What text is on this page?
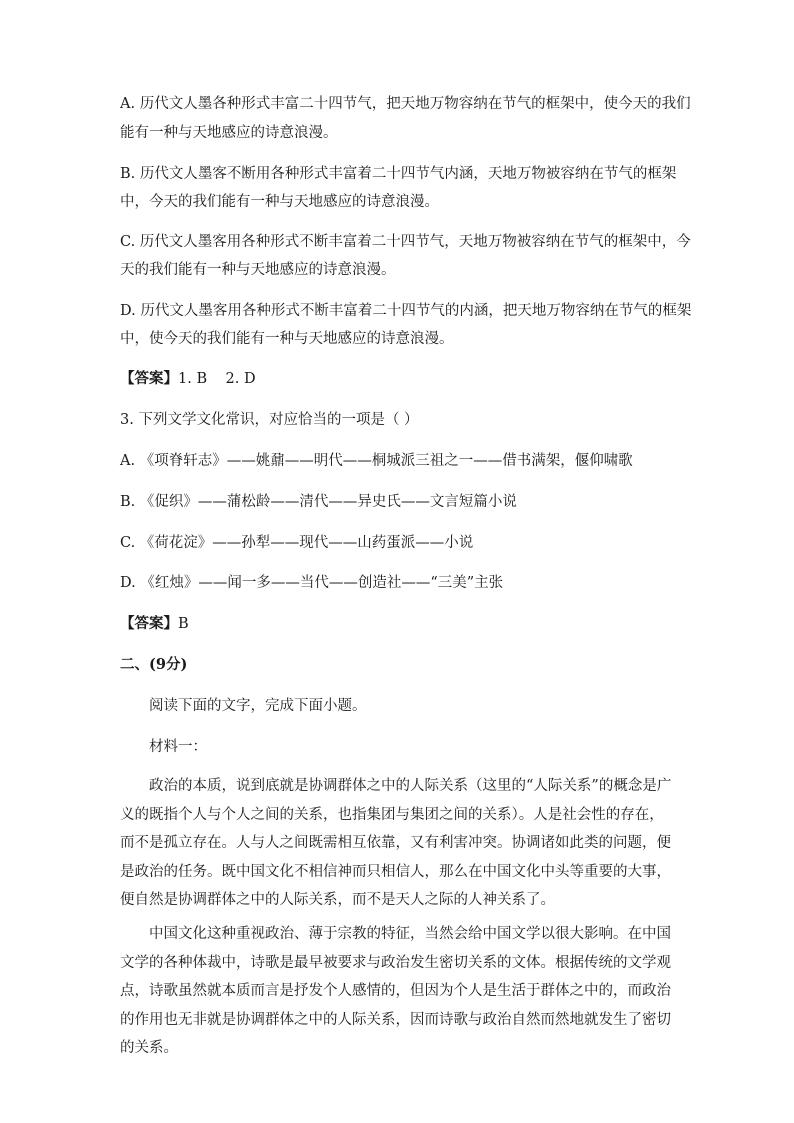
A. 历代文人墨各种形式丰富二十四节气，把天地万物容纳在节气的框架中，使今天的我们
能有一种与天地感应的诗意浪漫。
B. 历代文人墨客不断用各种形式丰富着二十四节气内涵，天地万物被容纳在节气的框架
中，今天的我们能有一种与天地感应的诗意浪漫。
C. 历代文人墨客用各种形式不断丰富着二十四节气，天地万物被容纳在节气的框架中，今
天的我们能有一种与天地感应的诗意浪漫。
D. 历代文人墨客用各种形式不断丰富着二十四节气的内涵，把天地万物容纳在节气的框架
中，使今天的我们能有一种与天地感应的诗意浪漫。
【答案】1. B    2. D
3. 下列文学文化常识，对应恰当的一项是（ ）
A. 《项脊轩志》——姚鼐——明代——桐城派三祖之一——借书满架，偃仰啸歌
B. 《促织》——蒲松龄——清代——异史氏——文言短篇小说
C. 《荷花淀》——孙犁——现代——山药蛋派——小说
D. 《红烛》——闻一多——当代——创造社——“三美”主张
【答案】B
二、(9分)
阅读下面的文字，完成下面小题。
材料一：
政治的本质，说到底就是协调群体之中的人际关系（这里的“人际关系”的概念是广义的既指个人与个人之间的关系，也指集团与集团之间的关系）。人是社会性的存在，而不是孤立存在。人与人之间既需相互依靠，又有利害冲突。协调诸如此类的问题，便是政治的任务。既中国文化不相信神而只相信人，那么在中国文化中头等重要的大事，便自然是协调群体之中的人际关系，而不是天人之际的人神关系了。
中国文化这种重视政治、薄于宗教的特征，当然会给中国文学以很大影响。在中国文学的各种体裁中，诗歌是最早被要求与政治发生密切关系的文体。根据传统的文学观点，诗歌虽然就本质而言是抒发个人感情的，但因为个人是生活于群体之中的，而政治的作用也无非就是协调群体之中的人际关系，因而诗歌与政治自然而然地就发生了密切的关系。
